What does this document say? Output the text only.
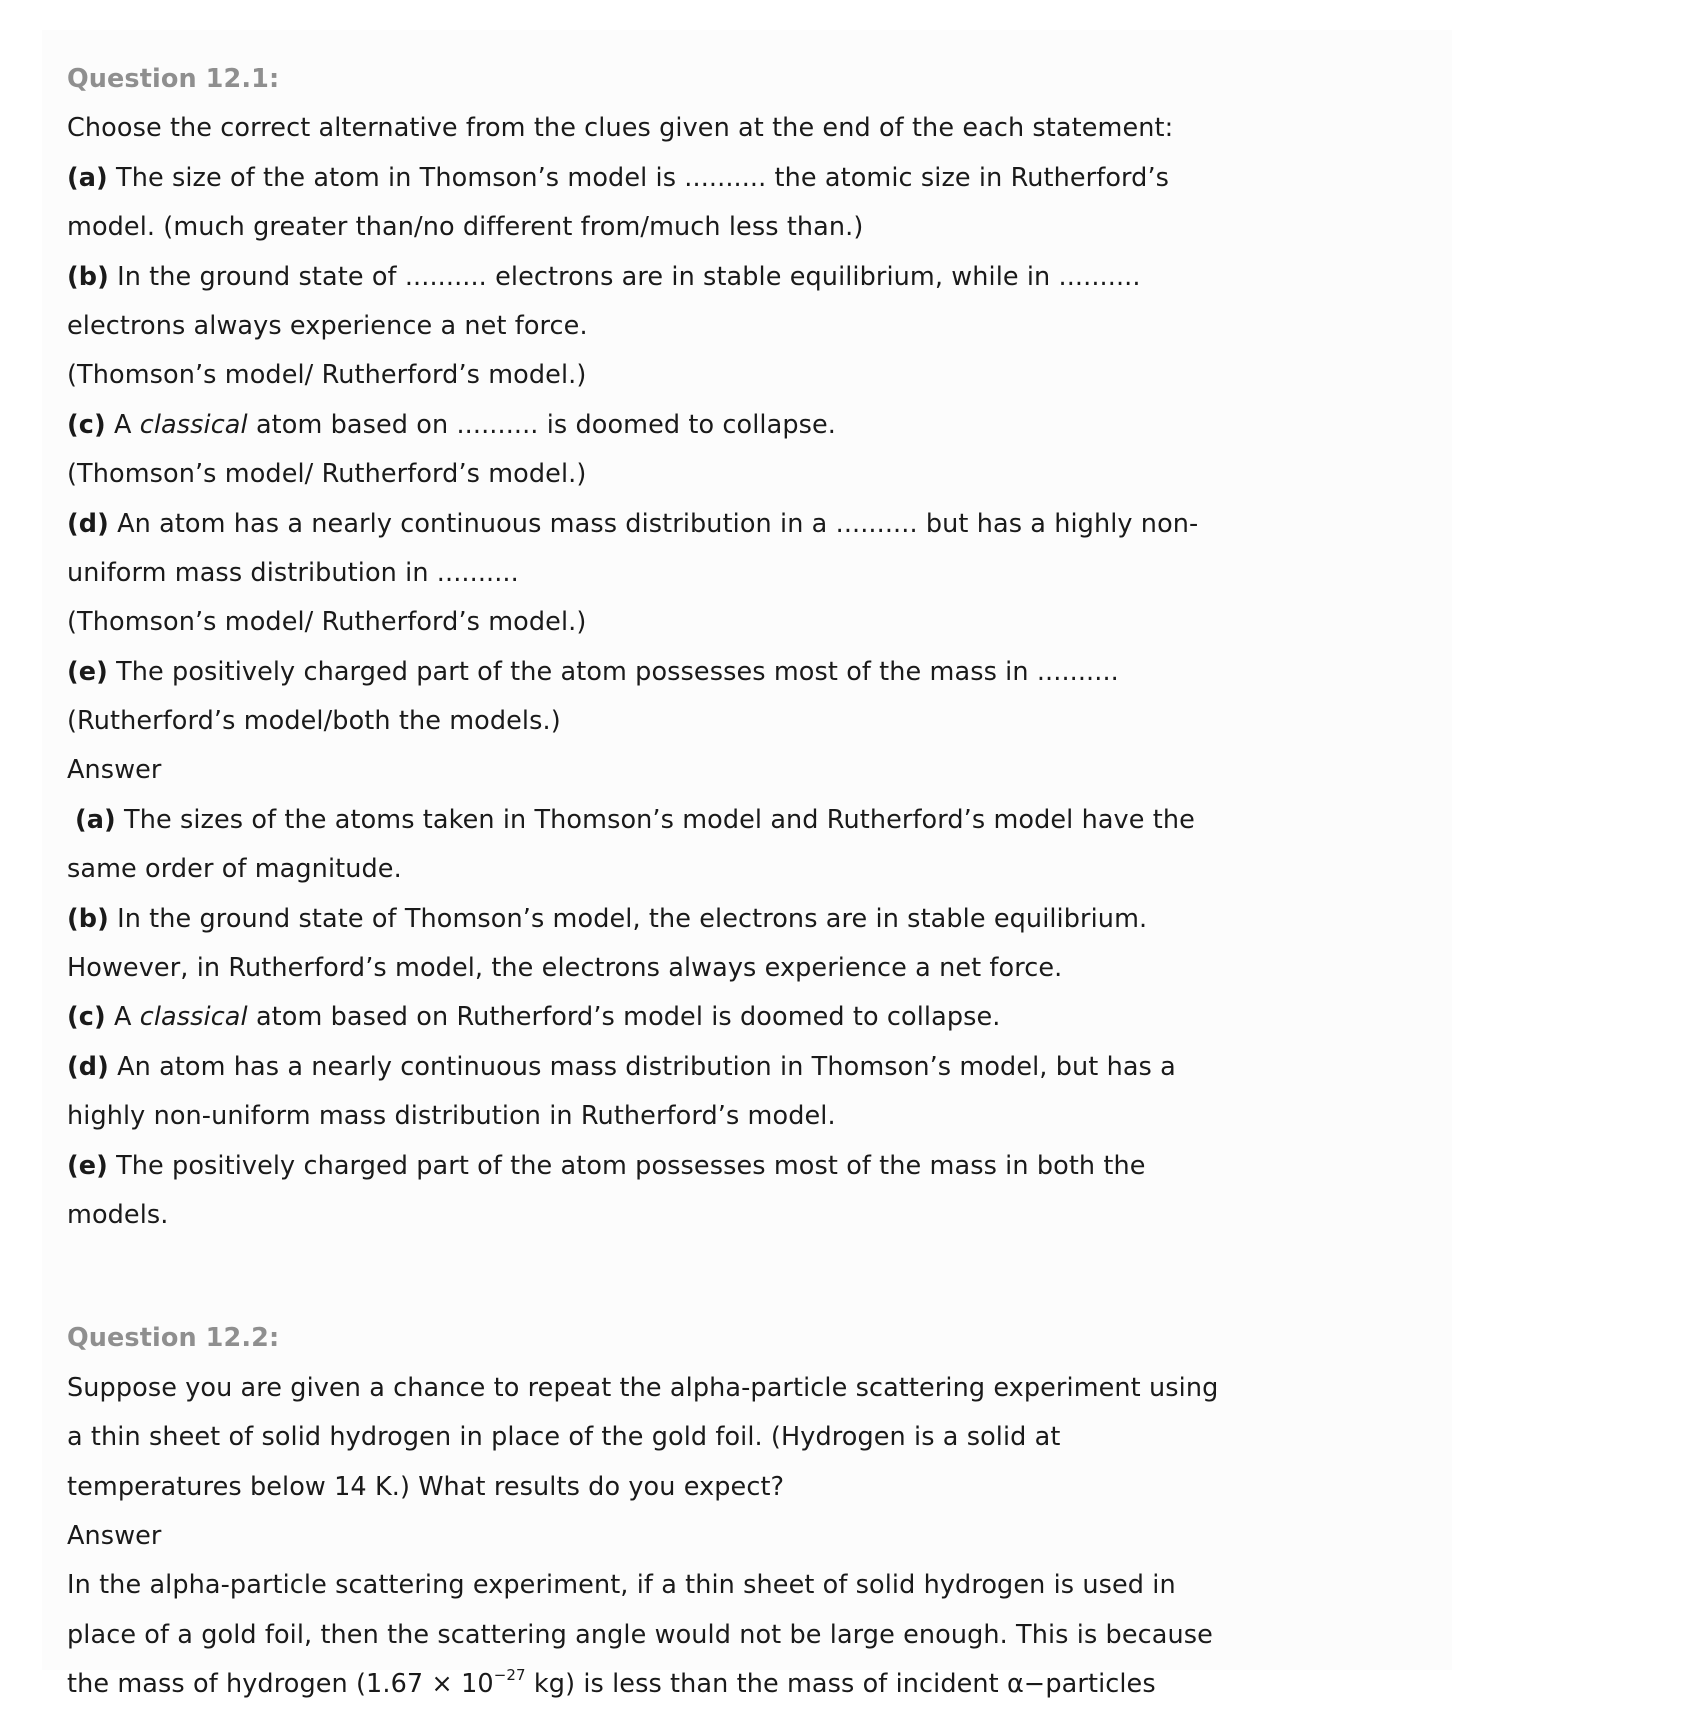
Question 12.1:
Choose the correct alternative from the clues given at the end of the each statement:
(a) The size of the atom in Thomson’s model is .......... the atomic size in Rutherford’s
model. (much greater than/no different from/much less than.)
(b) In the ground state of .......... electrons are in stable equilibrium, while in ..........
electrons always experience a net force.
(Thomson’s model/ Rutherford’s model.)
(c) A classical atom based on .......... is doomed to collapse.
(Thomson’s model/ Rutherford’s model.)
(d) An atom has a nearly continuous mass distribution in a .......... but has a highly non-
uniform mass distribution in ..........
(Thomson’s model/ Rutherford’s model.)
(e) The positively charged part of the atom possesses most of the mass in ..........
(Rutherford’s model/both the models.)
Answer
(a) The sizes of the atoms taken in Thomson’s model and Rutherford’s model have the
same order of magnitude.
(b) In the ground state of Thomson’s model, the electrons are in stable equilibrium.
However, in Rutherford’s model, the electrons always experience a net force.
(c) A classical atom based on Rutherford’s model is doomed to collapse.
(d) An atom has a nearly continuous mass distribution in Thomson’s model, but has a
highly non-uniform mass distribution in Rutherford’s model.
(e) The positively charged part of the atom possesses most of the mass in both the
models.
Question 12.2:
Suppose you are given a chance to repeat the alpha-particle scattering experiment using
a thin sheet of solid hydrogen in place of the gold foil. (Hydrogen is a solid at
temperatures below 14 K.) What results do you expect?
Answer
In the alpha-particle scattering experiment, if a thin sheet of solid hydrogen is used in
place of a gold foil, then the scattering angle would not be large enough. This is because
the mass of hydrogen ($1.67 \times 10^{-27}$ kg) is less than the mass of incident α−particles
